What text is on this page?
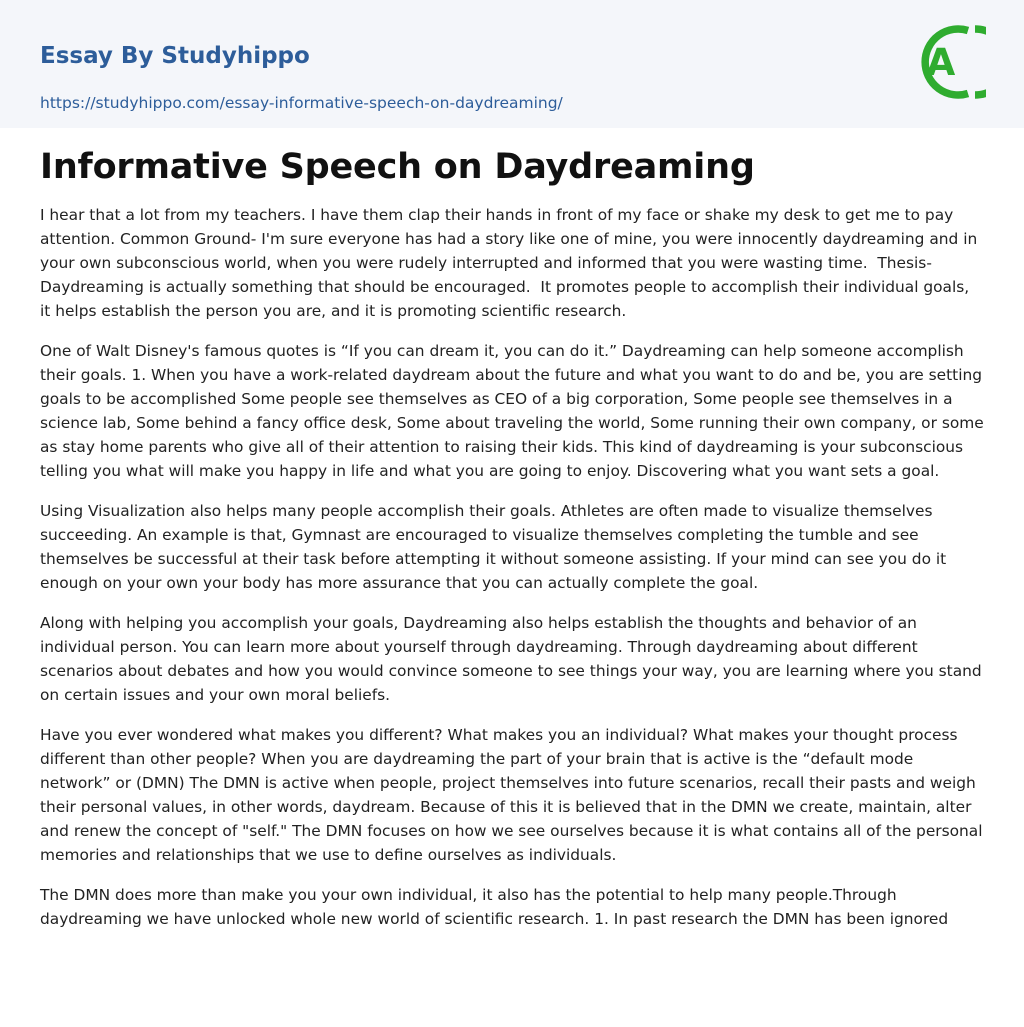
Essay By Studyhippo
https://studyhippo.com/essay-informative-speech-on-daydreaming/
A
Informative Speech on Daydreaming

I hear that a lot from my teachers. I have them clap their hands in front of my face or shake my desk to get me to pay attention. Common Ground- I'm sure everyone has had a story like one of mine, you were innocently daydreaming and in your own subconscious world, when you were rudely interrupted and informed that you were wasting time.  Thesis- Daydreaming is actually something that should be encouraged.  It promotes people to accomplish their individual goals, it helps establish the person you are, and it is promoting scientific research.

One of Walt Disney's famous quotes is “If you can dream it, you can do it.” Daydreaming can help someone accomplish their goals. 1. When you have a work-related daydream about the future and what you want to do and be, you are setting goals to be accomplished Some people see themselves as CEO of a big corporation, Some people see themselves in a science lab, Some behind a fancy office desk, Some about traveling the world, Some running their own company, or some as stay home parents who give all of their attention to raising their kids. This kind of daydreaming is your subconscious telling you what will make you happy in life and what you are going to enjoy. Discovering what you want sets a goal.

Using Visualization also helps many people accomplish their goals. Athletes are often made to visualize themselves succeeding. An example is that, Gymnast are encouraged to visualize themselves completing the tumble and see themselves be successful at their task before attempting it without someone assisting. If your mind can see you do it enough on your own your body has more assurance that you can actually complete the goal.

Along with helping you accomplish your goals, Daydreaming also helps establish the thoughts and behavior of an individual person. You can learn more about yourself through daydreaming. Through daydreaming about different scenarios about debates and how you would convince someone to see things your way, you are learning where you stand on certain issues and your own moral beliefs.

Have you ever wondered what makes you different? What makes you an individual? What makes your thought process different than other people? When you are daydreaming the part of your brain that is active is the “default mode network” or (DMN) The DMN is active when people, project themselves into future scenarios, recall their pasts and weigh their personal values, in other words, daydream. Because of this it is believed that in the DMN we create, maintain, alter and renew the concept of "self." The DMN focuses on how we see ourselves because it is what contains all of the personal memories and relationships that we use to define ourselves as individuals.

The DMN does more than make you your own individual, it also has the potential to help many people.Through daydreaming we have unlocked whole new world of scientific research. 1. In past research the DMN has been ignored
